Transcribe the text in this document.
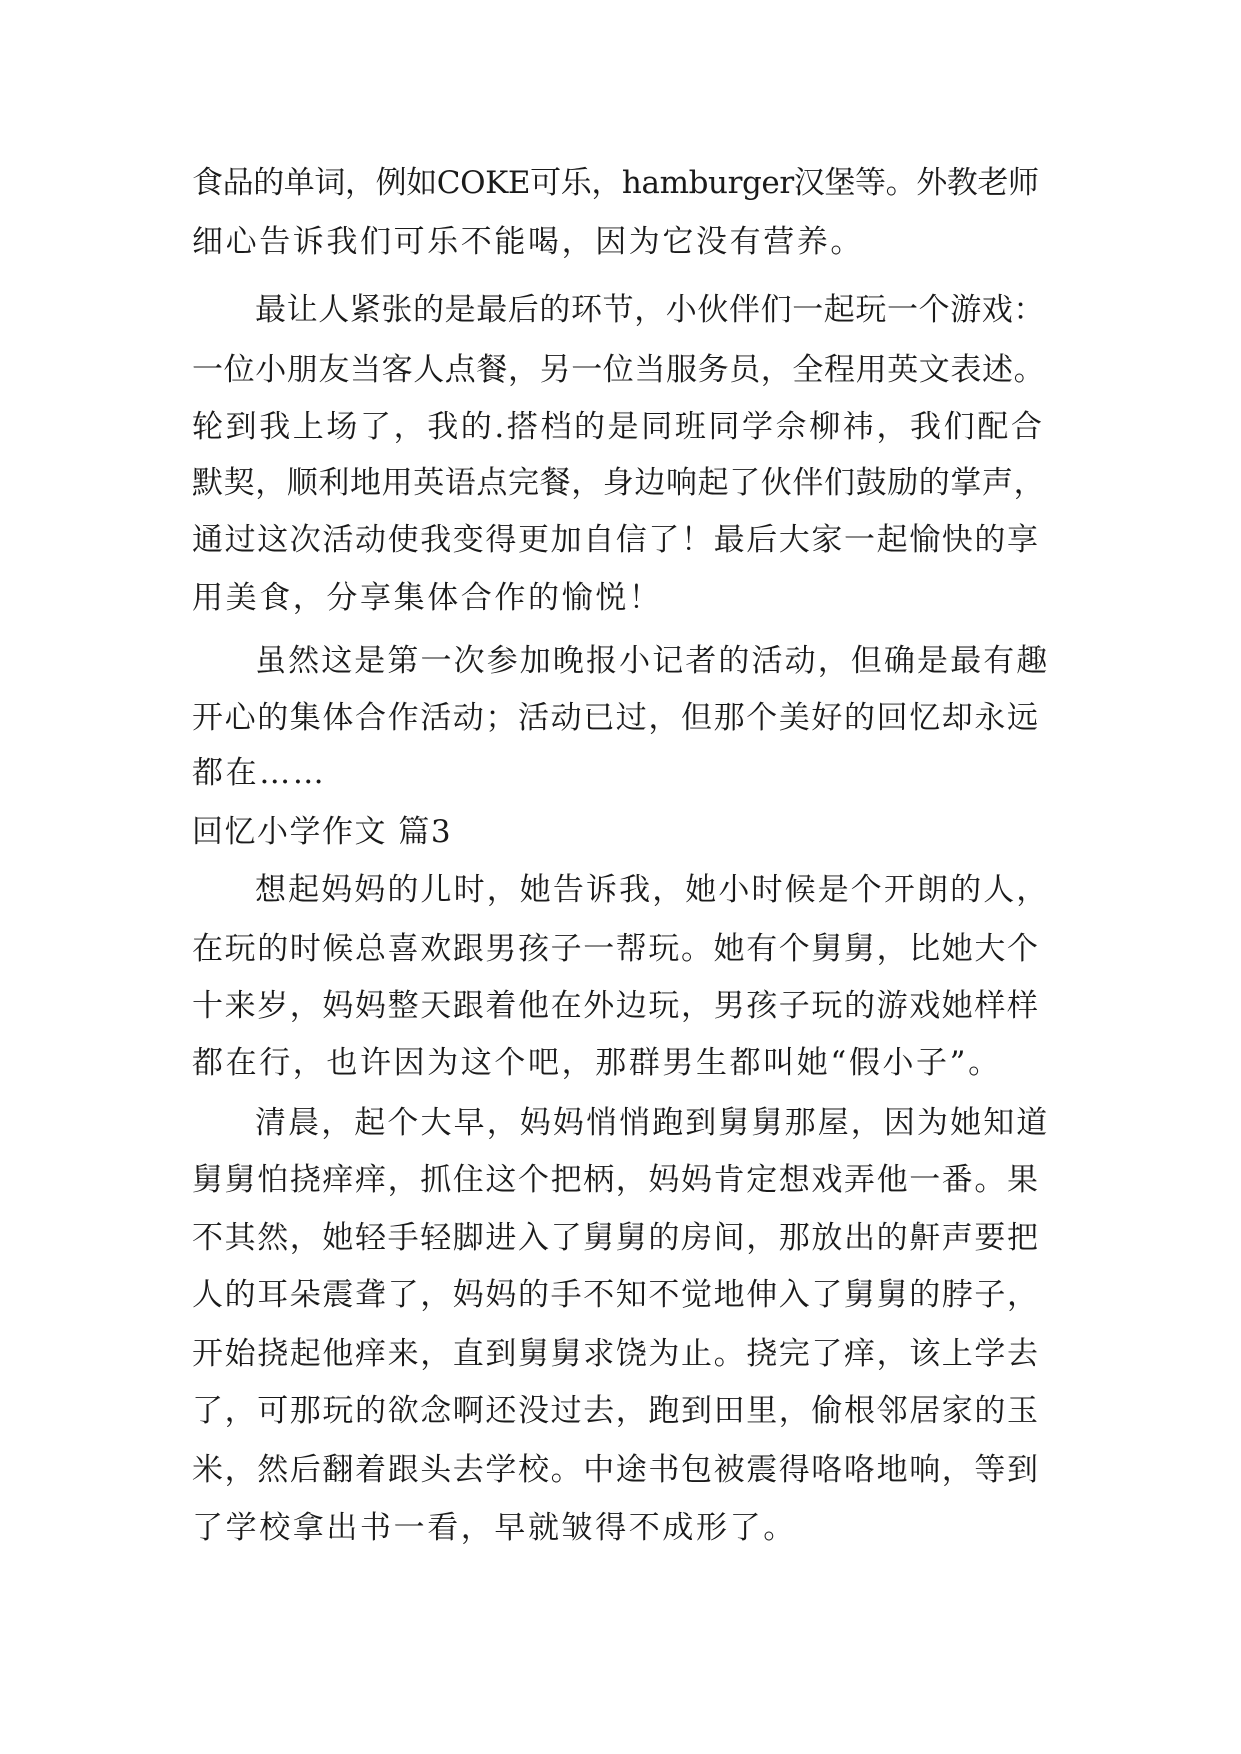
食品的单词，例如COKE可乐，hamburger汉堡等。外教老师

细心告诉我们可乐不能喝，因为它没有营养。

最让人紧张的是最后的环节，小伙伴们一起玩一个游戏：

一位小朋友当客人点餐，另一位当服务员，全程用英文表述。

轮到我上场了，我的.搭档的是同班同学佘柳祎，我们配合

默契，顺利地用英语点完餐，身边响起了伙伴们鼓励的掌声，

通过这次活动使我变得更加自信了！最后大家一起愉快的享

用美食，分享集体合作的愉悦！

虽然这是第一次参加晚报小记者的活动，但确是最有趣

开心的集体合作活动；活动已过，但那个美好的回忆却永远

都在……

回忆小学作文 篇3

想起妈妈的儿时，她告诉我，她小时候是个开朗的人，

在玩的时候总喜欢跟男孩子一帮玩。她有个舅舅，比她大个

十来岁，妈妈整天跟着他在外边玩，男孩子玩的游戏她样样

都在行，也许因为这个吧，那群男生都叫她“假小子”。

清晨，起个大早，妈妈悄悄跑到舅舅那屋，因为她知道

舅舅怕挠痒痒，抓住这个把柄，妈妈肯定想戏弄他一番。果

不其然，她轻手轻脚进入了舅舅的房间，那放出的鼾声要把

人的耳朵震聋了，妈妈的手不知不觉地伸入了舅舅的脖子，

开始挠起他痒来，直到舅舅求饶为止。挠完了痒，该上学去

了，可那玩的欲念啊还没过去，跑到田里，偷根邻居家的玉

米，然后翻着跟头去学校。中途书包被震得咯咯地响，等到

了学校拿出书一看，早就皱得不成形了。
